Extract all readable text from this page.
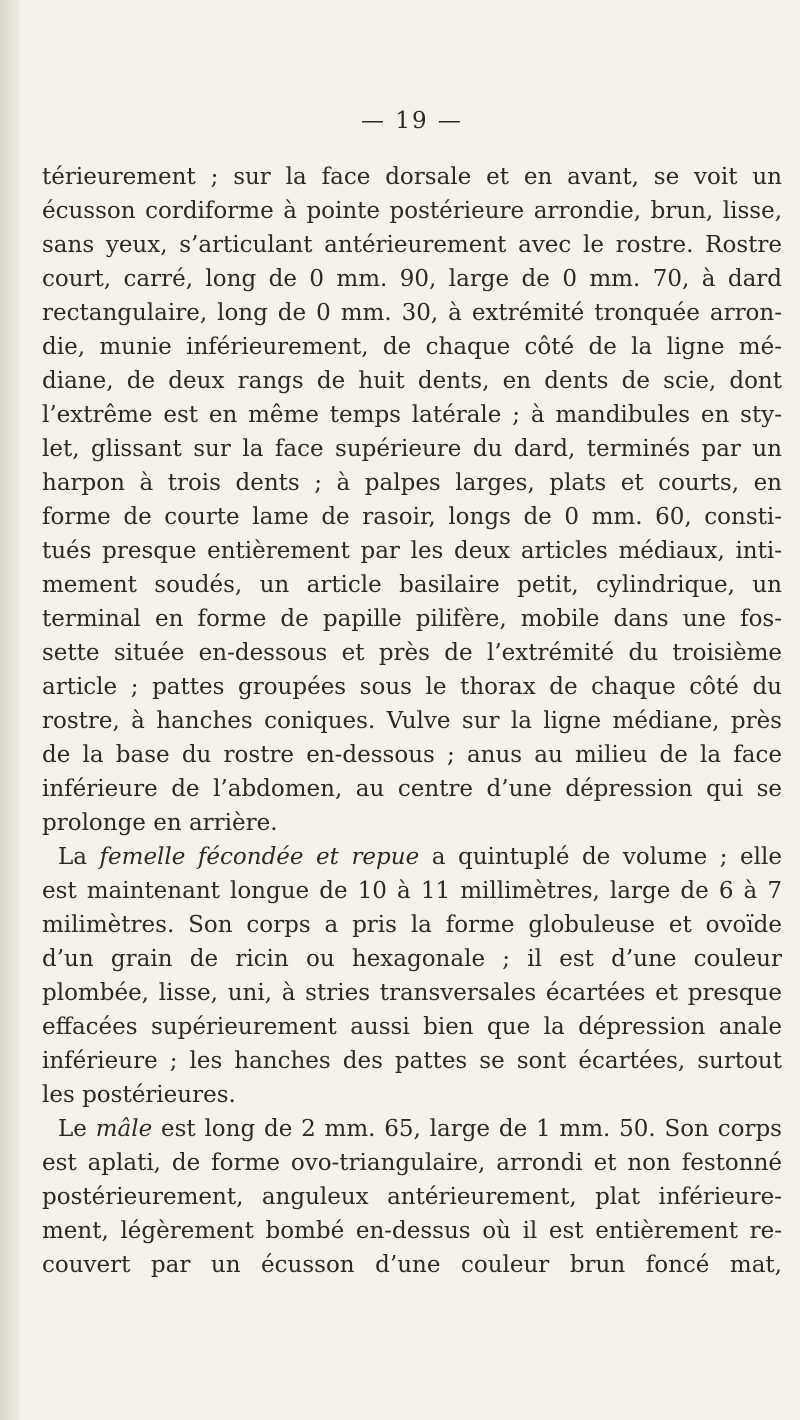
— 19 —
térieurement ; sur la face dorsale et en avant, se voit un
écusson cordiforme à pointe postérieure arrondie, brun, lisse,
sans yeux, s’articulant antérieurement avec le rostre. Rostre
court, carré, long de 0 mm. 90, large de 0 mm. 70, à dard
rectangulaire, long de 0 mm. 30, à extrémité tronquée arron-
die, munie inférieurement, de chaque côté de la ligne mé-
diane, de deux rangs de huit dents, en dents de scie, dont
l’extrême est en même temps latérale ; à mandibules en sty-
let, glissant sur la face supérieure du dard, terminés par un
harpon à trois dents ; à palpes larges, plats et courts, en
forme de courte lame de rasoir, longs de 0 mm. 60, consti-
tués presque entièrement par les deux articles médiaux, inti-
mement soudés, un article basilaire petit, cylindrique, un
terminal en forme de papille pilifère, mobile dans une fos-
sette située en-dessous et près de l’extrémité du troisième
article ; pattes groupées sous le thorax de chaque côté du
rostre, à hanches coniques. Vulve sur la ligne médiane, près
de la base du rostre en-dessous ; anus au milieu de la face
inférieure de l’abdomen, au centre d’une dépression qui se
prolonge en arrière.
La femelle fécondée et repue a quintuplé de volume ; elle
est maintenant longue de 10 à 11 millimètres, large de 6 à 7
milimètres. Son corps a pris la forme globuleuse et ovoïde
d’un grain de ricin ou hexagonale ; il est d’une couleur
plombée, lisse, uni, à stries transversales écartées et presque
effacées supérieurement aussi bien que la dépression anale
inférieure ; les hanches des pattes se sont écartées, surtout
les postérieures.
Le mâle est long de 2 mm. 65, large de 1 mm. 50. Son corps
est aplati, de forme ovo-triangulaire, arrondi et non festonné
postérieurement, anguleux antérieurement, plat inférieure-
ment, légèrement bombé en-dessus où il est entièrement re-
couvert par un écusson d’une couleur brun foncé mat,
